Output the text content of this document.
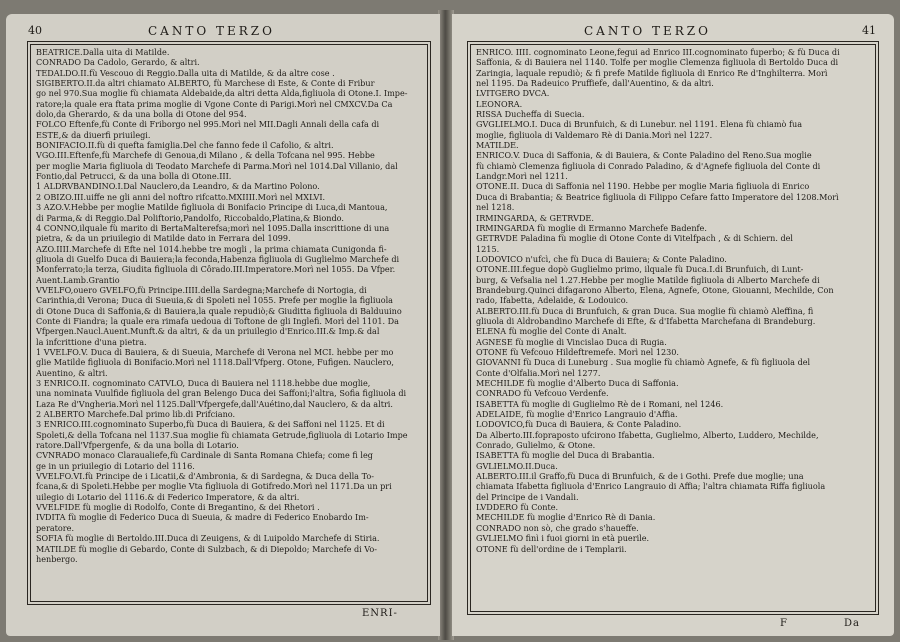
40	CANTO TERZO
BEATRICE.Dalla uita di Matilde.
CONRADO Da Cadolo, Gerardo, & altri.
TEDALDO.II.fù Vescouo di Reggio.Dalla uita di Matilde, & da altre cose .
SIGIBERTO.II.da altri chiamato ALBERTO, fù Marchese di Este, & Conte di Fribur
go nel 970.Sua moglie fù chiamata Aldebaide,da altri detta Alda,figliuola di Otone.I. Impe-
ratore;la quale era ftata prima moglie di Vgone Conte di Parigi.Morì nel CMXCV.Da Ca
dolo,da Gherardo, & da una bolla di Otone del 954.
FOLCO Eftenfe,fù Conte di Friborgo nel 995.Morì nel MII.Dagli Annali della cafa di
ESTE,& da diuerfi priuilegi.
BONIFACIO.II.fù di quefta famiglia.Del che fanno fede il Cafolio, & altri.
VGO.III.Eftenfe,fù Marchefe di Genoua,di Milano , & della Tofcana nel 995. Hebbe
per moglie Maria figliuola di Teodato Marchefe di Parma.Morì nel 1014.Dal Villanio, dal
Fontio,dal Petrucci, & da una bolla di Otone.III.
1 ALDRVBANDINO.I.Dal Nauclero,da Leandro, & da Martino Polono.
2 OBIZO.III.uiffe ne gli anni del noftro rifcatto.MXIIII.Morì nel MXLVI.
3 AZO.V.Hebbe per moglie Matilde figliuola di Bonifacio Principe di Luca,di Mantoua,
di Parma,& di Reggio.Dal Poliftorio,Pandolfo, Riccobaldo,Platina,& Biondo.
4 CONNO,ilquale fù marito di BertaMalterefsa;morì nel 1095.Dalla inscrittione di una
pietra, & da un priuilegio di Matilde dato in Ferrara del 1099.
AZO.IIII.Marchefe di Efte nel 1014.hebbe tre mogli , la prima chiamata Cunigonda fi-
gliuola di Guelfo Duca di Bauiera;la feconda,Habenza figliuola di Guglielmo Marchefe di
Monferrato;la terza, Giudita figliuola di Côrado.III.Imperatore.Morì nel 1055. Da Vfper.
Auent.Lamb.Grantio
VVELFO,ouero GVELFO,fù Principe.IIII.della Sardegna;Marchefe di Nortogia, di
Carinthia,di Verona; Duca di Sueuia,& di Spoleti nel 1055. Prefe per moglie la figliuola
di Otone Duca di Saffonia,& di Bauiera,la quale repudiò;& Giuditta figliuola di Balduuino
Conte di Fiandra; la quale era rimafa uedoua di Toftone de gli Inglefi. Morì del 1101. Da
Vfpergen.Naucl.Auent.Munft.& da altri, & da un priuilegio d'Enrico.III.& Imp.& dal
la infcrittione d'una pietra.
1 VVELFO.V. Duca di Bauiera, & di Sueuia, Marchefe di Verona nel MCI. hebbe per mo
glie Matilde figliuola di Bonifacio.Morì nel 1118.Dall'Vfperg. Otone, Fufigen. Nauclero,
Auentino, & altri.
3 ENRICO.II. cognominato CATVLO, Duca di Bauiera nel 1118.hebbe due moglie,
una nominata Vuulfide figliuola del gran Belengo Duca dei Saffoni;l'altra, Sofia figliuola di
Laza Re d'Vngheria.Morì nel 1125.Dall'Vfpergefe,dall'Auétino,dal Nauclero, & da altri.
2 ALBERTO Marchefe.Dal primo lib.di Prifciano.
3 ENRICO.III.cognominato Superbo,fù Duca di Bauiera, & dei Saffoni nel 1125. Et di
Spoleti,& della Tofcana nel 1137.Sua moglie fù chiamata Getrude,figliuola di Lotario Impe
ratore.Dall'Vfpergenfe, & da una bolla di Lotario.
CVNRADO monaco Claraualiefe,fù Cardinale di Santa Romana Chiefa; come fi leg
ge in un priuilegio di Lotario del 1116.
VVELFO.VI.fù Principe de i Licatii,& d'Ambronia, & di Sardegna, & Duca della To-
fcana,& di Spoleti.Hebbe per moglie Vta figliuola di Gotifredo.Morì nel 1171.Da un pri
uilegio di Lotario del 1116.& di Federico Imperatore, & da altri.
VVELFIDE fù moglie di Rodolfo, Conte di Bregantino, & dei Rhetori .
IVDITA fù moglie di Federico Duca di Sueuia, & madre di Federico Enobardo Im-
peratore.
SOFIA fù moglie di Bertoldo.III.Duca di Zeuigens, & di Luipoldo Marchefe di Stiria.
MATILDE fù moglie di Gebardo, Conte di Sulzbach, & di Diepoldo; Marchefe di Vo-
henbergo.
ENRI-
CANTO TERZO	41
ENRICO. IIII. cognominato Leone,fegui ad Enrico III.cognominato fuperbo; & fù Duca di
Saffonia, & di Bauiera nel 1140. Tolfe per moglie Clemenza figliuola di Bertoldo Duca di
Zaringia, laquale repudiò; & fi prefe Matilde figliuola di Enrico Re d'Inghilterra. Morì
nel 1195. Da Radeuico Pruffiefe, dall'Auentino, & da altri.
LVITGERO DVCA.
LEONORA.
RISSA Ducheffa di Suecia.
GVGLIELMO.I. Duca di Brunfuich, & di Lunebur. nel 1191. Elena fù chiamò fua
moglie, figliuola di Valdemaro Rè di Dania.Morì nel 1227.
MATILDE.
ENRICO.V. Duca di Saffonia, & di Bauiera, & Conte Paladino del Reno.Sua moglie
fù chiamò Clemenza figliuola di Conrado Paladino, & d'Agnefe figliuola del Conte di
Landgr.Morì nel 1211.
OTONE.II. Duca di Saffonia nel 1190. Hebbe per moglie Maria figliuola di Enrico
Duca di Brabantia; & Beatrice figliuola di Filippo Cefare fatto Imperatore del 1208.Morì
nel 1218.
IRMINGARDA, & GETRVDE.
IRMINGARDA fù moglie di Ermanno Marchefe Badenfe.
GETRVDE Paladina fù moglie di Otone Conte di Vitelfpach , & di Schiern. del
1215.
LODOVICO n'ufcì, che fù Duca di Bauiera; & Conte Paladino.
OTONE.III.fegue dopò Guglielmo primo, ilquale fù Duca.I.di Brunfuich, di Lunt-
burg, & Vefsalia nel 1.27.Hebbe per moglie Matilde figliuola di Alberto Marchefe di
Brandeburg.Quinci difagarono Alberto, Elena, Agnefe, Otone, Giouanni, Mechilde, Con
rado, Ifabetta, Adelaide, & Lodouico.
ALBERTO.III.fù Duca di Brunfuich, & gran Duca. Sua moglie fù chiamò Aleffina, fi
gliuola di Aldrobandino Marchefe di Efte, & d'Ifabetta Marchefana di Brandeburg.
ELENA fù moglie del Conte di Analt.
AGNESE fù moglie di Vincislao Duca di Rugia.
OTONE fù Vefcouo Hildeftremefe. Morì nel 1230.
GIOVANNI fù Duca di Luneburg . Sua moglie fù chiamò Agnefe, & fù figliuola del
Conte d'Olfalia.Morì nel 1277.
MECHILDE fù moglie d'Alberto Duca di Saffonia.
CONRADO fù Vefcouo Verdenfe.
ISABETTA fù moglie di Guglielmo Rè de i Romani, nel 1246.
ADELAIDE, fù moglie d'Enrico Langrauio d'Affia.
LODOVICO,fù Duca di Bauiera, & Conte Paladino.
Da Alberto.III.fopraposto ufcirono Ifabetta, Guglielmo, Alberto, Luddero, Mechilde,
Conrado, Gulielmo, & Otone.
ISABETTA fù moglie del Duca di Brabantia.
GVLIELMO.II.Duca.
ALBERTO.III.il Graffo,fù Duca di Brunfuich, & de i Gothi. Prefe due moglie; una
chiamata Ifabetta figliuola d'Enrico Langrauio di Affia; l'altra chiamata Riffa figliuola
del Principe de i Vandali.
LVDDERO fù Conte.
MECHILDE fù moglie d'Enrico Rè di Dania.
CONRADO non sò, che grado s'haueffe.
GVLIELMO finì i fuoi giorni in età puerile.
OTONE fù dell'ordine de i Templarii.
F	Da
